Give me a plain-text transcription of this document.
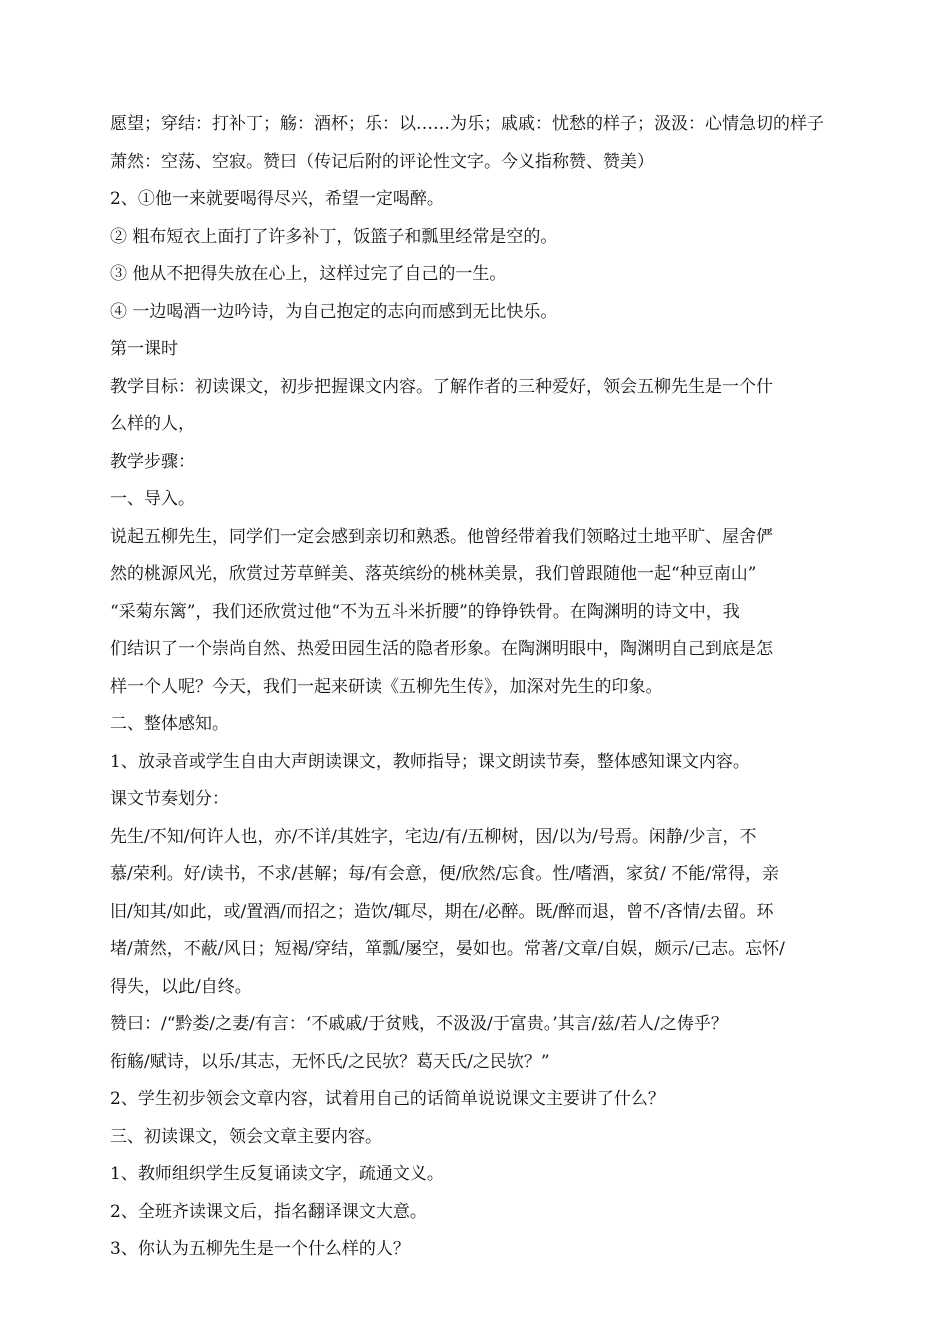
愿望；穿结：打补丁；觞：酒杯；乐：以……为乐；戚戚：忧愁的样子；汲汲：心情急切的样子

萧然：空荡、空寂。赞曰（传记后附的评论性文字。今义指称赞、赞美）

2、①他一来就要喝得尽兴，希望一定喝醉。

② 粗布短衣上面打了许多补丁，饭篮子和瓢里经常是空的。

③ 他从不把得失放在心上，这样过完了自己的一生。

④ 一边喝酒一边吟诗，为自己抱定的志向而感到无比快乐。

第一课时

教学目标：初读课文，初步把握课文内容。了解作者的三种爱好，领会五柳先生是一个什

么样的人，

教学步骤：

一、导入。

说起五柳先生，同学们一定会感到亲切和熟悉。他曾经带着我们领略过土地平旷、屋舍俨

然的桃源风光，欣赏过芳草鲜美、落英缤纷的桃林美景，我们曾跟随他一起“种豆南山”

“采菊东篱”，我们还欣赏过他“不为五斗米折腰”的铮铮铁骨。在陶渊明的诗文中，我

们结识了一个崇尚自然、热爱田园生活的隐者形象。在陶渊明眼中，陶渊明自己到底是怎

样一个人呢？今天，我们一起来研读《五柳先生传》，加深对先生的印象。

二、整体感知。

1、放录音或学生自由大声朗读课文，教师指导；课文朗读节奏，整体感知课文内容。

课文节奏划分：

先生/不知/何许人也，亦/不详/其姓字，宅边/有/五柳树，因/以为/号焉。闲静/少言，不

慕/荣利。好/读书，不求/甚解；每/有会意，便/欣然/忘食。性/嗜酒，家贫/ 不能/常得，亲

旧/知其/如此，或/置酒/而招之；造饮/辄尽，期在/必醉。既/醉而退，曾不/吝情/去留。环

堵/萧然，不蔽/风日；短褐/穿结，箪瓢/屡空，晏如也。常著/文章/自娱，颇示/己志。忘怀/

得失，以此/自终。

赞曰：/“黔娄/之妻/有言：‘不戚戚/于贫贱，不汲汲/于富贵。’其言/兹/若人/之俦乎？

衔觞/赋诗，以乐/其志，无怀氏/之民欤？葛天氏/之民欤？”

2、学生初步领会文章内容，试着用自己的话简单说说课文主要讲了什么？

三、初读课文，领会文章主要内容。

1、教师组织学生反复诵读文字，疏通文义。

2、全班齐读课文后，指名翻译课文大意。

3、你认为五柳先生是一个什么样的人？
